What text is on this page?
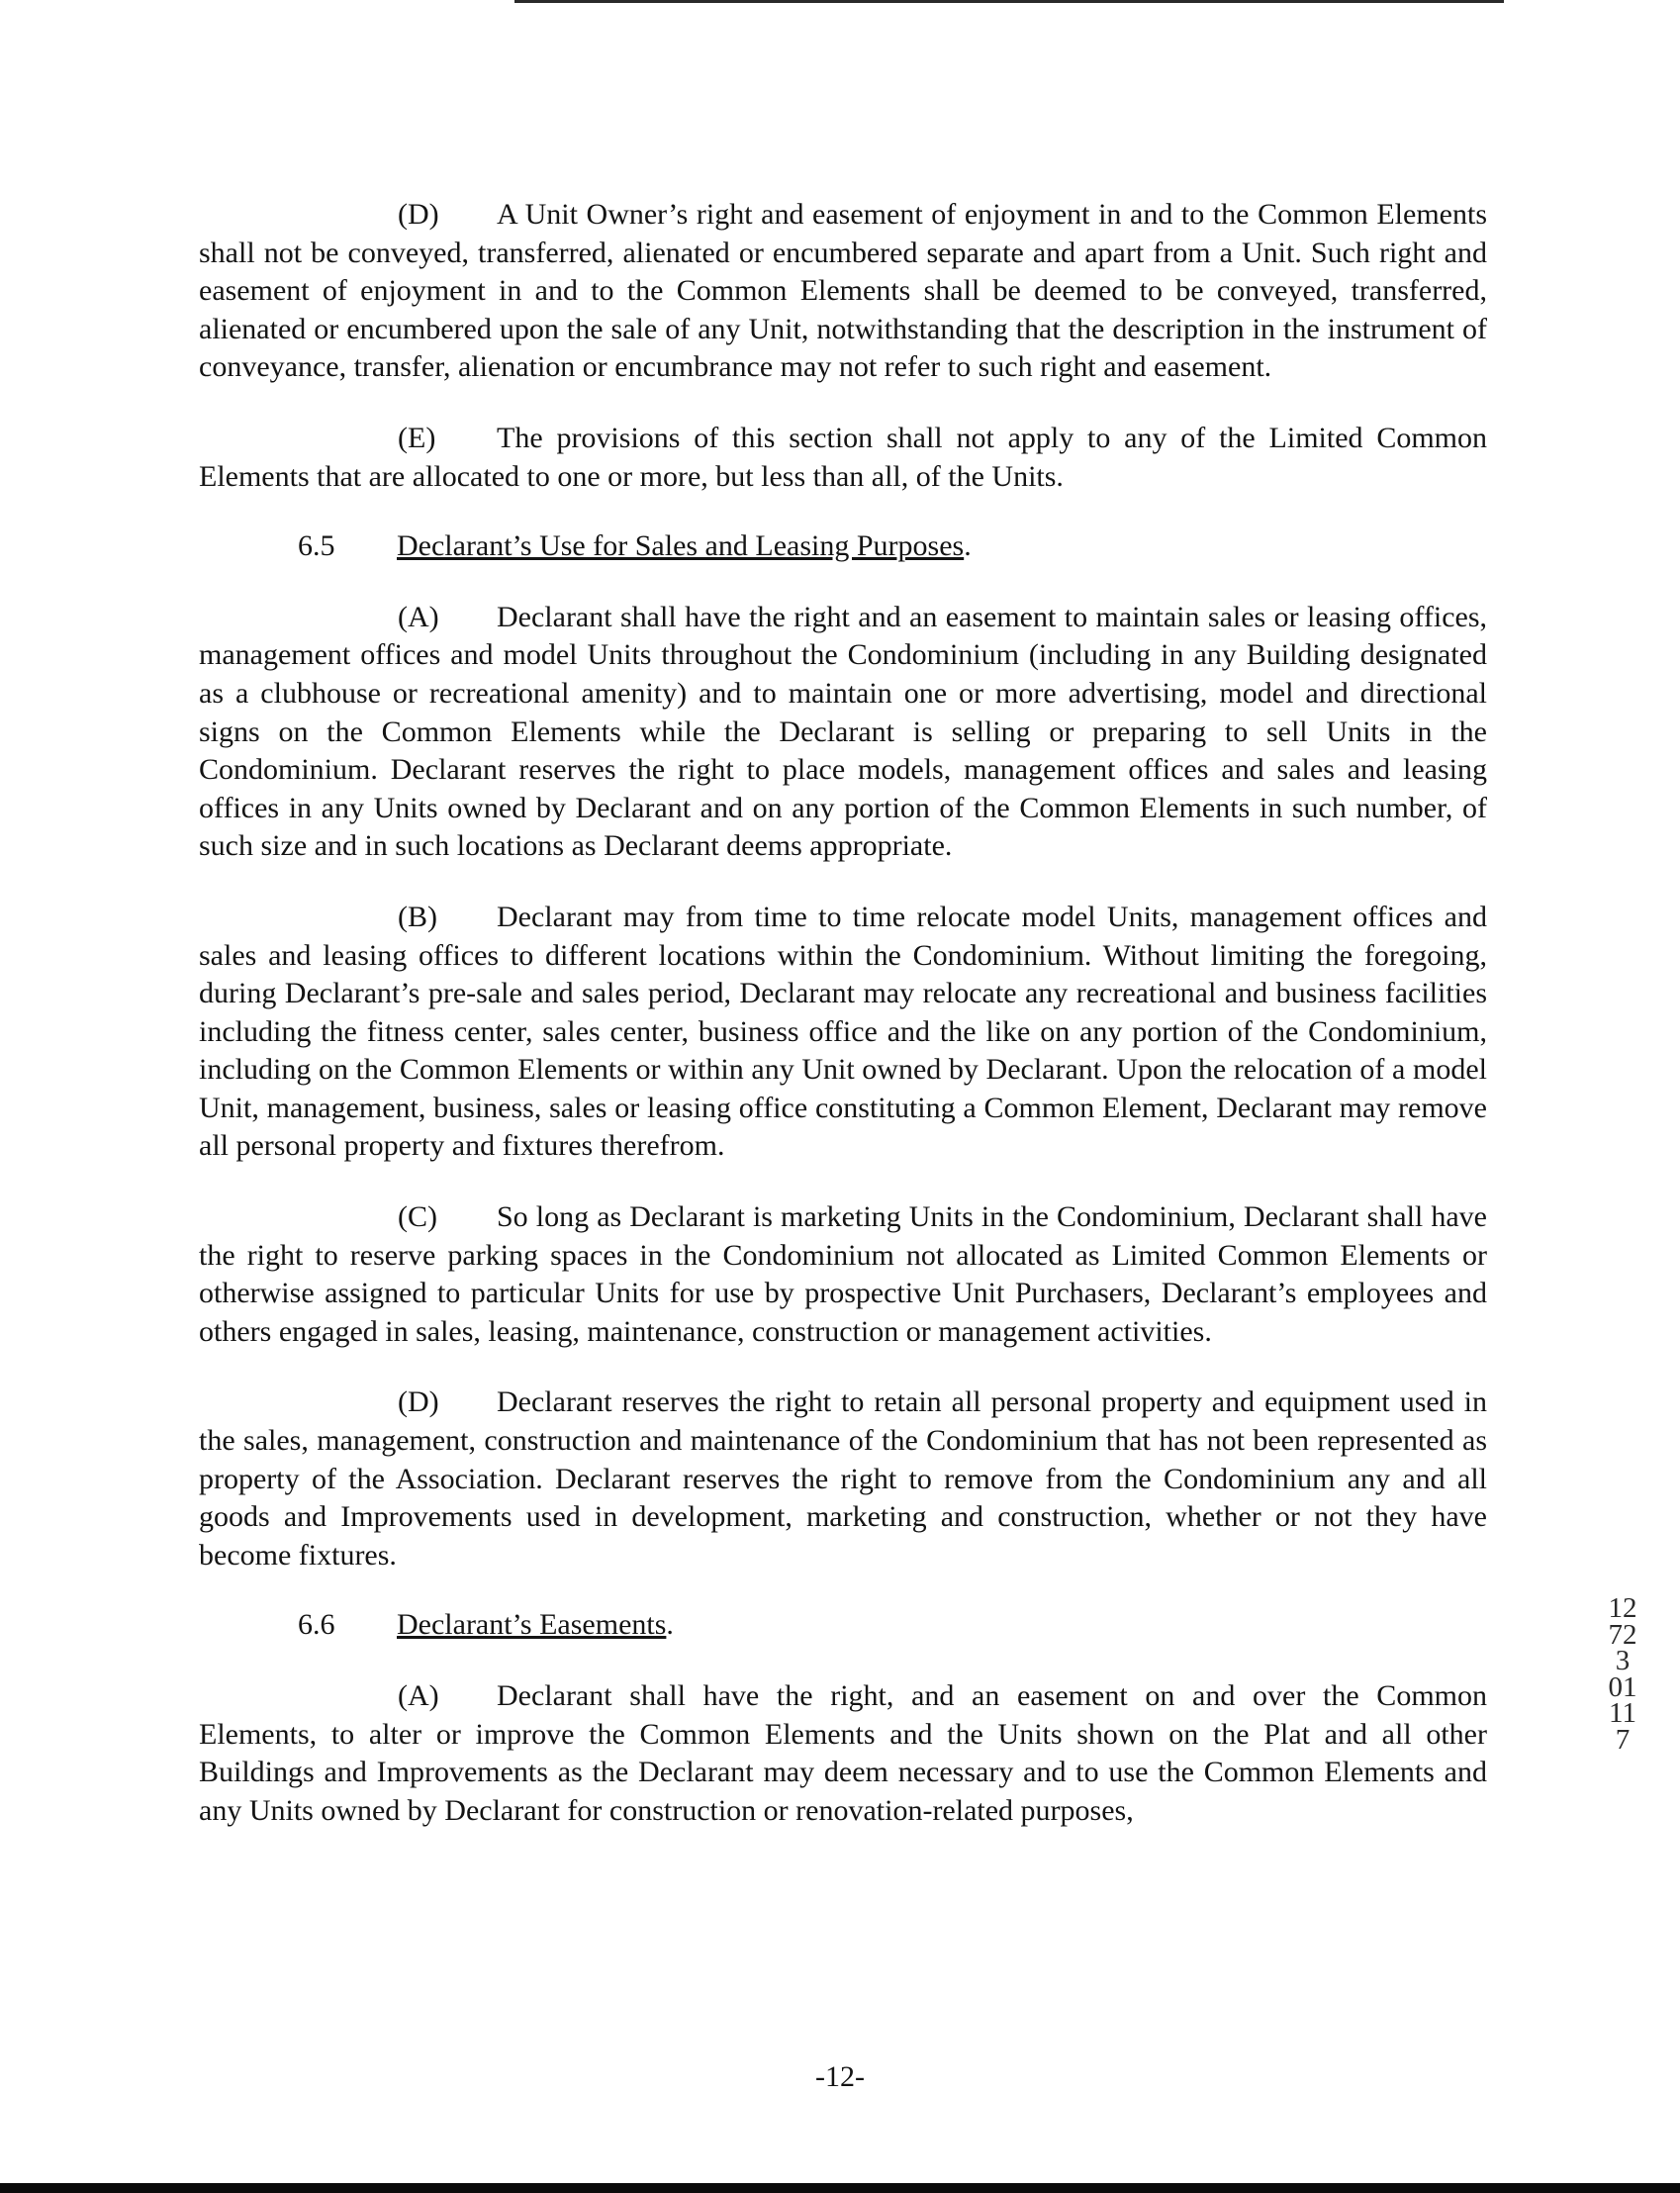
(D) A Unit Owner’s right and easement of enjoyment in and to the Common Elements shall not be conveyed, transferred, alienated or encumbered separate and apart from a Unit. Such right and easement of enjoyment in and to the Common Elements shall be deemed to be conveyed, transferred, alienated or encumbered upon the sale of any Unit, notwithstanding that the description in the instrument of conveyance, transfer, alienation or encumbrance may not refer to such right and easement.

(E) The provisions of this section shall not apply to any of the Limited Common Elements that are allocated to one or more, but less than all, of the Units.

6.5 Declarant’s Use for Sales and Leasing Purposes.

(A) Declarant shall have the right and an easement to maintain sales or leasing offices, management offices and model Units throughout the Condominium (including in any Building designated as a clubhouse or recreational amenity) and to maintain one or more advertising, model and directional signs on the Common Elements while the Declarant is selling or preparing to sell Units in the Condominium. Declarant reserves the right to place models, management offices and sales and leasing offices in any Units owned by Declarant and on any portion of the Common Elements in such number, of such size and in such locations as Declarant deems appropriate.

(B) Declarant may from time to time relocate model Units, management offices and sales and leasing offices to different locations within the Condominium. Without limiting the foregoing, during Declarant’s pre-sale and sales period, Declarant may relocate any recreational and business facilities including the fitness center, sales center, business office and the like on any portion of the Condominium, including on the Common Elements or within any Unit owned by Declarant. Upon the relocation of a model Unit, management, business, sales or leasing office constituting a Common Element, Declarant may remove all personal property and fixtures therefrom.

(C) So long as Declarant is marketing Units in the Condominium, Declarant shall have the right to reserve parking spaces in the Condominium not allocated as Limited Common Elements or otherwise assigned to particular Units for use by prospective Unit Purchasers, Declarant’s employees and others engaged in sales, leasing, maintenance, construction or management activities.

(D) Declarant reserves the right to retain all personal property and equipment used in the sales, management, construction and maintenance of the Condominium that has not been represented as property of the Association. Declarant reserves the right to remove from the Condominium any and all goods and Improvements used in development, marketing and construction, whether or not they have become fixtures.

6.6 Declarant’s Easements.

(A) Declarant shall have the right, and an easement on and over the Common Elements, to alter or improve the Common Elements and the Units shown on the Plat and all other Buildings and Improvements as the Declarant may deem necessary and to use the Common Elements and any Units owned by Declarant for construction or renovation-related purposes,

12723 01117
-12-
